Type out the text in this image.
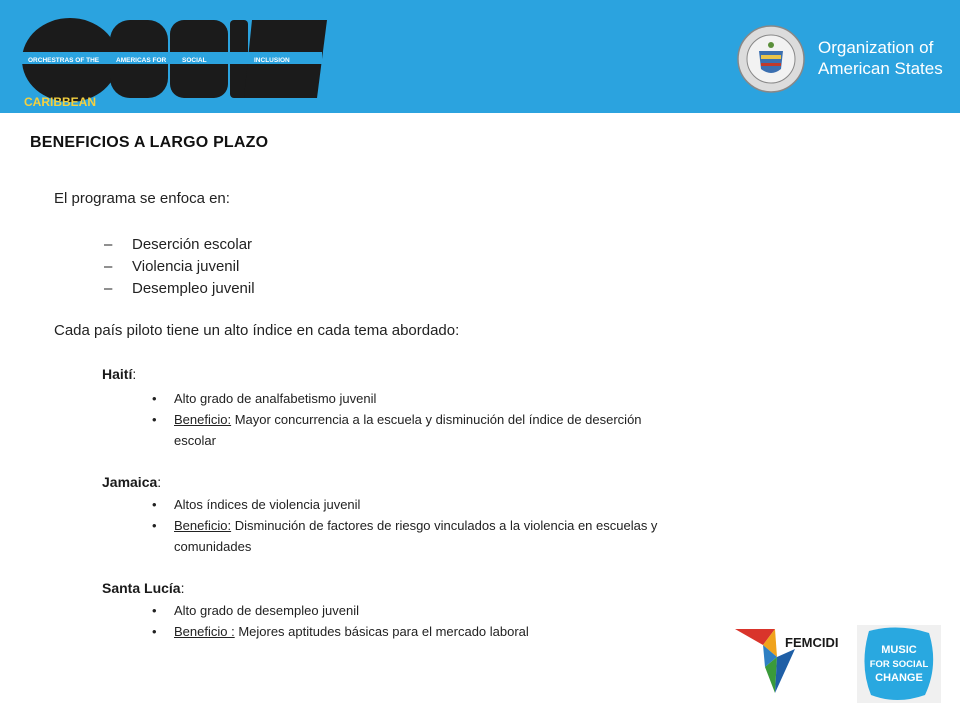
ORCHESTRAS OF THE	AMERICAS FOR SOCIAL	INCLUSION
CARIBBEAN
Organization of
American States
BENEFICIOS A LARGO PLAZO
El programa se enfoca en:
– Deserción escolar
– Violencia juvenil
– Desempleo juvenil
Cada país piloto tiene un alto índice en cada tema abordado:
Haití:
• Alto grado de analfabetismo juvenil
• Beneficio: Mayor concurrencia a la escuela y disminución del índice de deserción escolar
Jamaica:
• Altos índices de violencia juvenil
• Beneficio: Disminución de factores de riesgo vinculados a la violencia en escuelas y comunidades
Santa Lucía:
• Alto grado de desempleo juvenil
• Beneficio : Mejores aptitudes básicas para el mercado laboral
FEMCIDI	MUSIC
FOR SOCIAL
CHANGE
